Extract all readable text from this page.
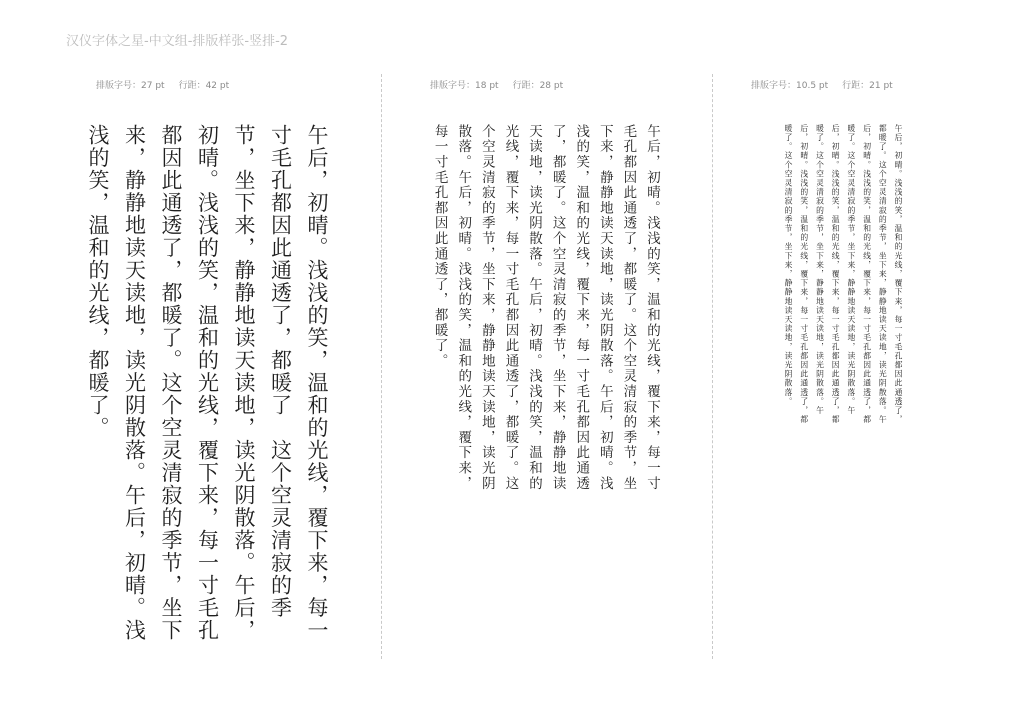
汉仪字体之星-中文组-排版样张-竖排-2
排版字号：27 pt 行距：42 pt

午后，初晴。浅浅的笑，温和的光线，覆下来，每一寸毛孔都因此通透了，都暖了　这个空灵清寂的季节，坐下来，静静地读天读地，读光阴散落。午后，初晴。浅浅的笑，温和的光线，覆下来，每一寸毛孔都因此通透了，都暖了。这个空灵清寂的季节，坐下来，静静地读天读地，读光阴散落。午后，初晴。浅浅的笑，温和的光线，都暖了。

排版字号：18 pt 行距：28 pt

午后，初晴。浅浅的笑，温和的光线，覆下来，每一寸毛孔都因此通透了，都暖了。这个空灵清寂的季节，坐下来，静静地读天读地，读光阴散落。午后，初晴。浅浅的笑，温和的光线，覆下来，每一寸毛孔都因此通透了，都暖了。这个空灵清寂的季节，坐下来，静静地读天读地，读光阴散落。午后，初晴。浅浅的笑，温和的光线，覆下来，每一寸毛孔都因此通透了，都暖了。这个空灵清寂的季节，坐下来，静静地读天读地，读光阴散落。午后，初晴。浅浅的笑，温和的光线，覆下来，每一寸毛孔都因此通透了，都暖了。

排版字号：10.5 pt 行距：21 pt

午后，初晴。浅浅的笑，温和的光线，覆下来，每一寸毛孔都因此通透了，都暖了。这个空灵清寂的季节，坐下来，静静地读天读地，读光阴散落。午后，初晴。浅浅的笑，温和的光线，覆下来，每一寸毛孔都因此通透了，都暖了。这个空灵清寂的季节，坐下来，静静地读天读地，读光阴散落。午后，初晴。浅浅的笑，温和的光线，覆下来，每一寸毛孔都因此通透了，都暖了。这个空灵清寂的季节，坐下来，静静地读天读地，读光阴散落。午后，初晴。浅浅的笑，温和的光线，覆下来，每一寸毛孔都因此通透了，都暖了。这个空灵清寂的季节，坐下来，静静地读天读地，读光阴散落。
